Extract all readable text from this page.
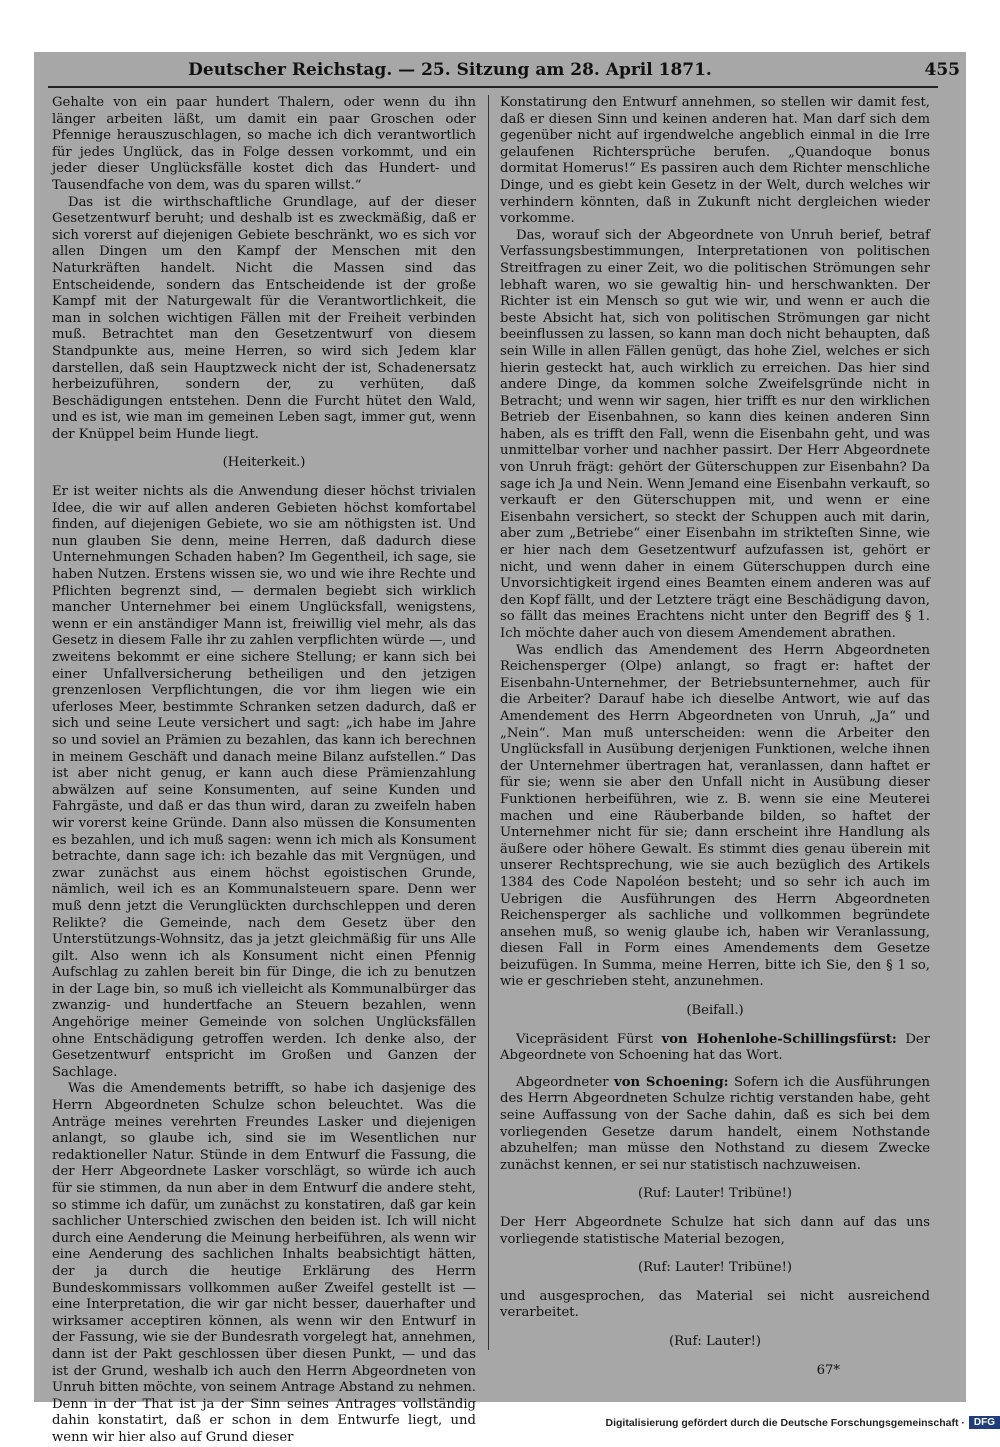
Deutscher Reichstag. — 25. Sitzung am 28. April 1871.	455

Gehalte von ein paar hundert Thalern, oder wenn du ihn länger arbeiten läßt, um damit ein paar Groschen oder Pfennige herauszuschlagen, so mache ich dich verantwortlich für jedes Unglück, das in Folge dessen vorkommt, und ein jeder dieser Unglücksfälle kostet dich das Hundert- und Tausendfache von dem, was du sparen willst.“

Das ist die wirthschaftliche Grundlage, auf der dieser Gesetzentwurf beruht; und deshalb ist es zweckmäßig, daß er sich vorerst auf diejenigen Gebiete beschränkt, wo es sich vor allen Dingen um den Kampf der Menschen mit den Naturkräften handelt. Nicht die Massen sind das Entscheidende, sondern das Entscheidende ist der große Kampf mit der Naturgewalt für die Verantwortlichkeit, die man in solchen wichtigen Fällen mit der Freiheit verbinden muß. Betrachtet man den Gesetzentwurf von diesem Standpunkte aus, meine Herren, so wird sich Jedem klar darstellen, daß sein Hauptzweck nicht der ist, Schadenersatz herbeizuführen, sondern der, zu verhüten, daß Beschädigungen entstehen. Denn die Furcht hütet den Wald, und es ist, wie man im gemeinen Leben sagt, immer gut, wenn der Knüppel beim Hunde liegt.

(Heiterkeit.)

Er ist weiter nichts als die Anwendung dieser höchst trivialen Idee, die wir auf allen anderen Gebieten höchst komfortabel finden, auf diejenigen Gebiete, wo sie am nöthigsten ist. Und nun glauben Sie denn, meine Herren, daß dadurch diese Unternehmungen Schaden haben? Im Gegentheil, ich sage, sie haben Nutzen. Erstens wissen sie, wo und wie ihre Rechte und Pflichten begrenzt sind, — dermalen begiebt sich wirklich mancher Unternehmer bei einem Unglücksfall, wenigstens, wenn er ein anständiger Mann ist, freiwillig viel mehr, als das Gesetz in diesem Falle ihr zu zahlen verpflichten würde —, und zweitens bekommt er eine sichere Stellung; er kann sich bei einer Unfallversicherung betheiligen und den jetzigen grenzenlosen Verpflichtungen, die vor ihm liegen wie ein uferloses Meer, bestimmte Schranken setzen dadurch, daß er sich und seine Leute versichert und sagt: „ich habe im Jahre so und soviel an Prämien zu bezahlen, das kann ich berechnen in meinem Geschäft und danach meine Bilanz aufstellen.“ Das ist aber nicht genug, er kann auch diese Prämienzahlung abwälzen auf seine Konsumenten, auf seine Kunden und Fahrgäste, und daß er das thun wird, daran zu zweifeln haben wir vorerst keine Gründe. Dann also müssen die Konsumenten es bezahlen, und ich muß sagen: wenn ich mich als Konsument betrachte, dann sage ich: ich bezahle das mit Vergnügen, und zwar zunächst aus einem höchst egoistischen Grunde, nämlich, weil ich es an Kommunalsteuern spare. Denn wer muß denn jetzt die Verunglückten durchschleppen und deren Relikte? die Gemeinde, nach dem Gesetz über den Unterstützungs-Wohnsitz, das ja jetzt gleichmäßig für uns Alle gilt. Also wenn ich als Konsument nicht einen Pfennig Aufschlag zu zahlen bereit bin für Dinge, die ich zu benutzen in der Lage bin, so muß ich vielleicht als Kommunalbürger das zwanzig- und hundertfache an Steuern bezahlen, wenn Angehörige meiner Gemeinde von solchen Unglücksfällen ohne Entschädigung getroffen werden. Ich denke also, der Gesetzentwurf entspricht im Großen und Ganzen der Sachlage.

Was die Amendements betrifft, so habe ich dasjenige des Herrn Abgeordneten Schulze schon beleuchtet. Was die Anträge meines verehrten Freundes Lasker und diejenigen anlangt, so glaube ich, sind sie im Wesentlichen nur redaktioneller Natur. Stünde in dem Entwurf die Fassung, die der Herr Abgeordnete Lasker vorschlägt, so würde ich auch für sie stimmen, da nun aber in dem Entwurf die andere steht, so stimme ich dafür, um zunächst zu konstatiren, daß gar kein sachlicher Unterschied zwischen den beiden ist. Ich will nicht durch eine Aenderung die Meinung herbeiführen, als wenn wir eine Aenderung des sachlichen Inhalts beabsichtigt hätten, der ja durch die heutige Erklärung des Herrn Bundeskommissars vollkommen außer Zweifel gestellt ist — eine Interpretation, die wir gar nicht besser, dauerhafter und wirksamer acceptiren können, als wenn wir den Entwurf in der Fassung, wie sie der Bundesrath vorgelegt hat, annehmen, dann ist der Pakt geschlossen über diesen Punkt, — und das ist der Grund, weshalb ich auch den Herrn Abgeordneten von Unruh bitten möchte, von seinem Antrage Abstand zu nehmen. Denn in der That ist ja der Sinn seines Antrages vollständig dahin konstatirt, daß er schon in dem Entwurfe liegt, und wenn wir hier also auf Grund dieser

Konstatirung den Entwurf annehmen, so stellen wir damit fest, daß er diesen Sinn und keinen anderen hat. Man darf sich dem gegenüber nicht auf irgendwelche angeblich einmal in die Irre gelaufenen Richtersprüche berufen. „Quandoque bonus dormitat Homerus!“ Es passiren auch dem Richter menschliche Dinge, und es giebt kein Gesetz in der Welt, durch welches wir verhindern könnten, daß in Zukunft nicht dergleichen wieder vorkomme.

Das, worauf sich der Abgeordnete von Unruh berief, betraf Verfassungsbestimmungen, Interpretationen von politischen Streitfragen zu einer Zeit, wo die politischen Strömungen sehr lebhaft waren, wo sie gewaltig hin- und herschwankten. Der Richter ist ein Mensch so gut wie wir, und wenn er auch die beste Absicht hat, sich von politischen Strömungen gar nicht beeinflussen zu lassen, so kann man doch nicht behaupten, daß sein Wille in allen Fällen genügt, das hohe Ziel, welches er sich hierin gesteckt hat, auch wirklich zu erreichen. Das hier sind andere Dinge, da kommen solche Zweifelsgründe nicht in Betracht; und wenn wir sagen, hier trifft es nur den wirklichen Betrieb der Eisenbahnen, so kann dies keinen anderen Sinn haben, als es trifft den Fall, wenn die Eisenbahn geht, und was unmittelbar vorher und nachher passirt. Der Herr Abgeordnete von Unruh frägt: gehört der Güterschuppen zur Eisenbahn? Da sage ich Ja und Nein. Wenn Jemand eine Eisenbahn verkauft, so verkauft er den Güterschuppen mit, und wenn er eine Eisenbahn versichert, so steckt der Schuppen auch mit darin, aber zum „Betriebe“ einer Eisenbahn im strikteſten Sinne, wie er hier nach dem Gesetzentwurf aufzufassen ist, gehört er nicht, und wenn daher in einem Güterschuppen durch eine Unvorsichtigkeit irgend eines Beamten einem anderen was auf den Kopf fällt, und der Letztere trägt eine Beschädigung davon, so fällt das meines Erachtens nicht unter den Begriff des § 1. Ich möchte daher auch von diesem Amendement abrathen.

Was endlich das Amendement des Herrn Abgeordneten Reichensperger (Olpe) anlangt, so fragt er: haftet der Eisenbahn-Unternehmer, der Betriebsunternehmer, auch für die Arbeiter? Darauf habe ich dieselbe Antwort, wie auf das Amendement des Herrn Abgeordneten von Unruh, „Ja“ und „Nein“. Man muß unterscheiden: wenn die Arbeiter den Unglücksfall in Ausübung derjenigen Funktionen, welche ihnen der Unternehmer übertragen hat, veranlassen, dann haftet er für sie; wenn sie aber den Unfall nicht in Ausübung dieser Funktionen herbeiführen, wie z. B. wenn sie eine Meuterei machen und eine Räuberbande bilden, so haftet der Unternehmer nicht für sie; dann erscheint ihre Handlung als äußere oder höhere Gewalt. Es stimmt dies genau überein mit unserer Rechtsprechung, wie sie auch bezüglich des Artikels 1384 des Code Napoléon besteht; und so sehr ich auch im Uebrigen die Ausführungen des Herrn Abgeordneten Reichensperger als sachliche und vollkommen begründete ansehen muß, so wenig glaube ich, haben wir Veranlassung, diesen Fall in Form eines Amendements dem Gesetze beizufügen. In Summa, meine Herren, bitte ich Sie, den § 1 so, wie er geschrieben steht, anzunehmen.

(Beifall.)

Vicepräsident Fürst von Hohenlohe-Schillingsfürst: Der Abgeordnete von Schoening hat das Wort.

Abgeordneter von Schoening: Sofern ich die Ausführungen des Herrn Abgeordneten Schulze richtig verstanden habe, geht seine Auffassung von der Sache dahin, daß es sich bei dem vorliegenden Gesetze darum handelt, einem Nothstande abzuhelfen; man müsse den Nothstand zu diesem Zwecke zunächst kennen, er sei nur statistisch nachzuweisen.

(Ruf: Lauter! Tribüne!)

Der Herr Abgeordnete Schulze hat sich dann auf das uns vorliegende statistische Material bezogen,

(Ruf: Lauter! Tribüne!)

und ausgesprochen, das Material sei nicht ausreichend verarbeitet.

(Ruf: Lauter!)
67*
Digitalisierung gefördert durch die Deutsche Forschungsgemeinschaft · DFG
